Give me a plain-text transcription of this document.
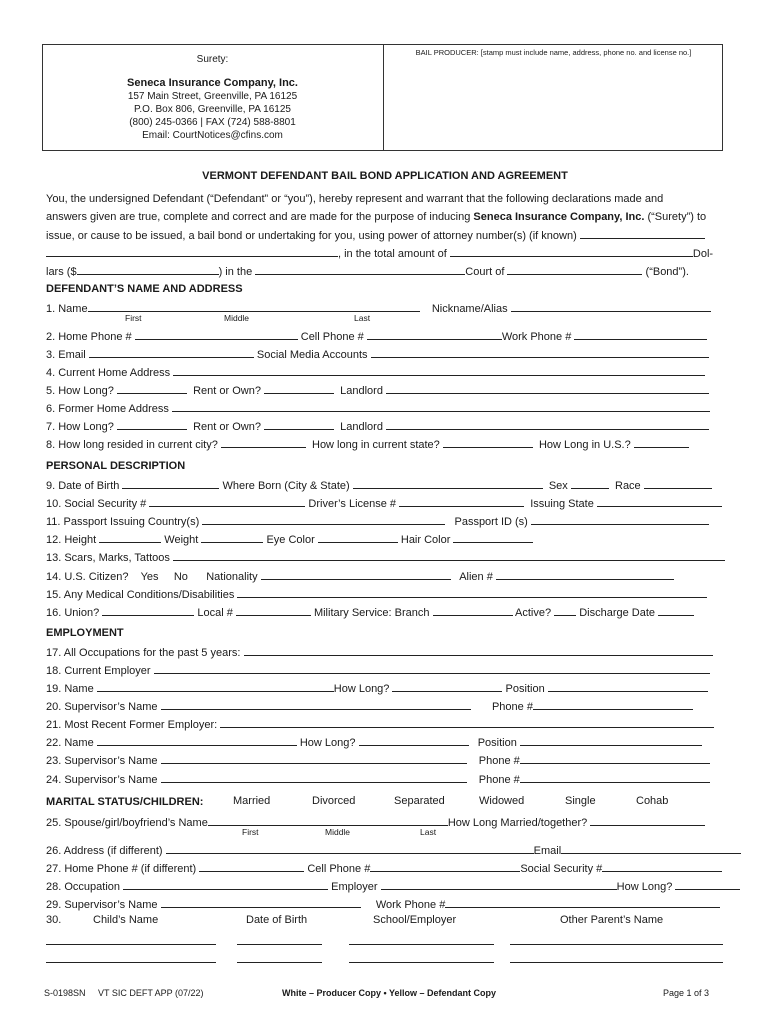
Surety:
Seneca Insurance Company, Inc.
157 Main Street, Greenville, PA 16125
P.O. Box 806, Greenville, PA 16125
(800) 245-0366 | FAX (724) 588-8801
Email: CourtNotices@cfins.com
BAIL PRODUCER: [stamp must include name, address, phone no. and license no.]
VERMONT DEFENDANT BAIL BOND APPLICATION AND AGREEMENT
You, the undersigned Defendant (“Defendant” or “you”), hereby represent and warrant that the following declarations made and
answers given are true, complete and correct and are made for the purpose of inducing Seneca Insurance Company, Inc. (“Surety”) to
issue, or cause to be issued, a bail bond or undertaking for you, using power of attorney number(s) (if known)
, in the total amount of	Dol-
lars ($	) in the	Court of	(“Bond”).
DEFENDANT’S NAME AND ADDRESS
1. Name	Nickname/Alias
First	Middle	Last
2. Home Phone #	Cell Phone #	Work Phone #
3. Email	Social Media Accounts
4. Current Home Address
5. How Long?	Rent or Own?	Landlord
6. Former Home Address
7. How Long?	Rent or Own?	Landlord
8. How long resided in current city?	How long in current state?	How Long in U.S.?
PERSONAL DESCRIPTION
9. Date of Birth	Where Born (City & State)	Sex	Race
10. Social Security #	Driver’s License #	Issuing State
11. Passport Issuing Country(s)	Passport ID (s)
12. Height	Weight	Eye Color	Hair Color
13. Scars, Marks, Tattoos
14. U.S. Citizen? Yes No Nationality	Alien #
15. Any Medical Conditions/Disabilities
16. Union?	Local #	Military Service: Branch	Active?	Discharge Date
EMPLOYMENT
17. All Occupations for the past 5 years:
18. Current Employer
19. Name	How Long?	Position
20. Supervisor’s Name	Phone #
21. Most Recent Former Employer:
22. Name	How Long?	Position
23. Supervisor’s Name	Phone #
24. Supervisor’s Name	Phone #
MARITAL STATUS/CHILDREN:	Married	Divorced	Separated	Widowed	Single	Cohab
25. Spouse/girl/boyfriend’s Name	How Long Married/together?
First	Middle	Last
26. Address (if different)	Email
27. Home Phone # (if different)	Cell Phone #	Social Security #
28. Occupation	Employer	How Long?
29. Supervisor’s Name	Work Phone #
30.	Child’s Name	Date of Birth	School/Employer	Other Parent’s Name
S-0198SN VT SIC DEFT APP (07/22)	White – Producer Copy • Yellow – Defendant Copy	Page 1 of 3
